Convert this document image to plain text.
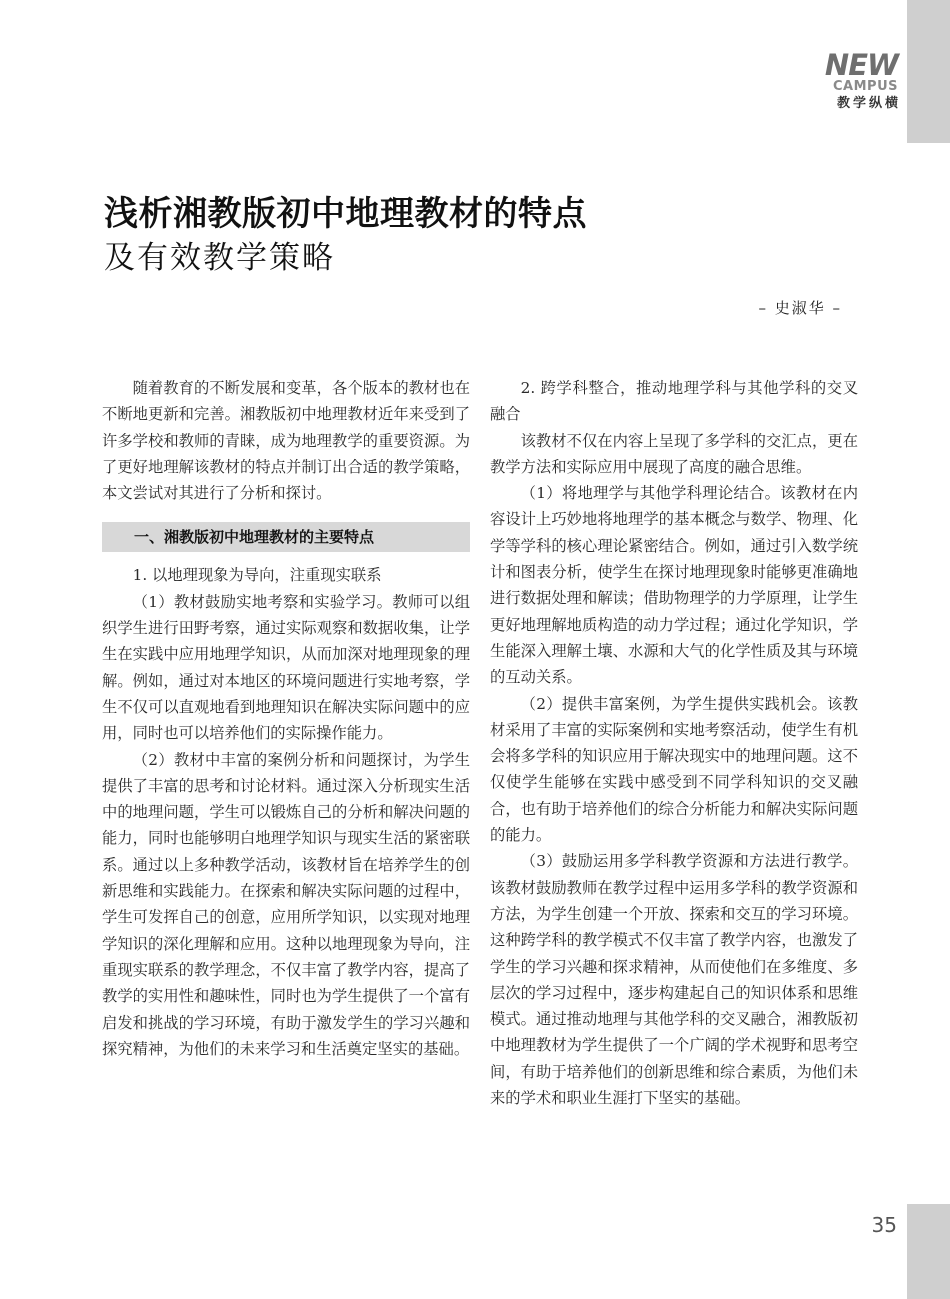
NEW
CAMPUS
教学纵横
浅析湘教版初中地理教材的特点
及有效教学策略
– 史淑华 –

随着教育的不断发展和变革，各个版本的教材也在不断地更新和完善。湘教版初中地理教材近年来受到了许多学校和教师的青睐，成为地理教学的重要资源。为了更好地理解该教材的特点并制订出合适的教学策略，本文尝试对其进行了分析和探讨。

一、湘教版初中地理教材的主要特点

1. 以地理现象为导向，注重现实联系

（1）教材鼓励实地考察和实验学习。教师可以组织学生进行田野考察，通过实际观察和数据收集，让学生在实践中应用地理学知识，从而加深对地理现象的理解。例如，通过对本地区的环境问题进行实地考察，学生不仅可以直观地看到地理知识在解决实际问题中的应用，同时也可以培养他们的实际操作能力。

（2）教材中丰富的案例分析和问题探讨，为学生提供了丰富的思考和讨论材料。通过深入分析现实生活中的地理问题，学生可以锻炼自己的分析和解决问题的能力，同时也能够明白地理学知识与现实生活的紧密联系。通过以上多种教学活动，该教材旨在培养学生的创新思维和实践能力。在探索和解决实际问题的过程中，学生可发挥自己的创意，应用所学知识，以实现对地理学知识的深化理解和应用。这种以地理现象为导向，注重现实联系的教学理念，不仅丰富了教学内容，提高了教学的实用性和趣味性，同时也为学生提供了一个富有启发和挑战的学习环境，有助于激发学生的学习兴趣和探究精神，为他们的未来学习和生活奠定坚实的基础。

2. 跨学科整合，推动地理学科与其他学科的交叉融合

该教材不仅在内容上呈现了多学科的交汇点，更在教学方法和实际应用中展现了高度的融合思维。

（1）将地理学与其他学科理论结合。该教材在内容设计上巧妙地将地理学的基本概念与数学、物理、化学等学科的核心理论紧密结合。例如，通过引入数学统计和图表分析，使学生在探讨地理现象时能够更准确地进行数据处理和解读；借助物理学的力学原理，让学生更好地理解地质构造的动力学过程；通过化学知识，学生能深入理解土壤、水源和大气的化学性质及其与环境的互动关系。

（2）提供丰富案例，为学生提供实践机会。该教材采用了丰富的实际案例和实地考察活动，使学生有机会将多学科的知识应用于解决现实中的地理问题。这不仅使学生能够在实践中感受到不同学科知识的交叉融合，也有助于培养他们的综合分析能力和解决实际问题的能力。

（3）鼓励运用多学科教学资源和方法进行教学。该教材鼓励教师在教学过程中运用多学科的教学资源和方法，为学生创建一个开放、探索和交互的学习环境。这种跨学科的教学模式不仅丰富了教学内容，也激发了学生的学习兴趣和探求精神，从而使他们在多维度、多层次的学习过程中，逐步构建起自己的知识体系和思维模式。通过推动地理与其他学科的交叉融合，湘教版初中地理教材为学生提供了一个广阔的学术视野和思考空间，有助于培养他们的创新思维和综合素质，为他们未来的学术和职业生涯打下坚实的基础。

35
